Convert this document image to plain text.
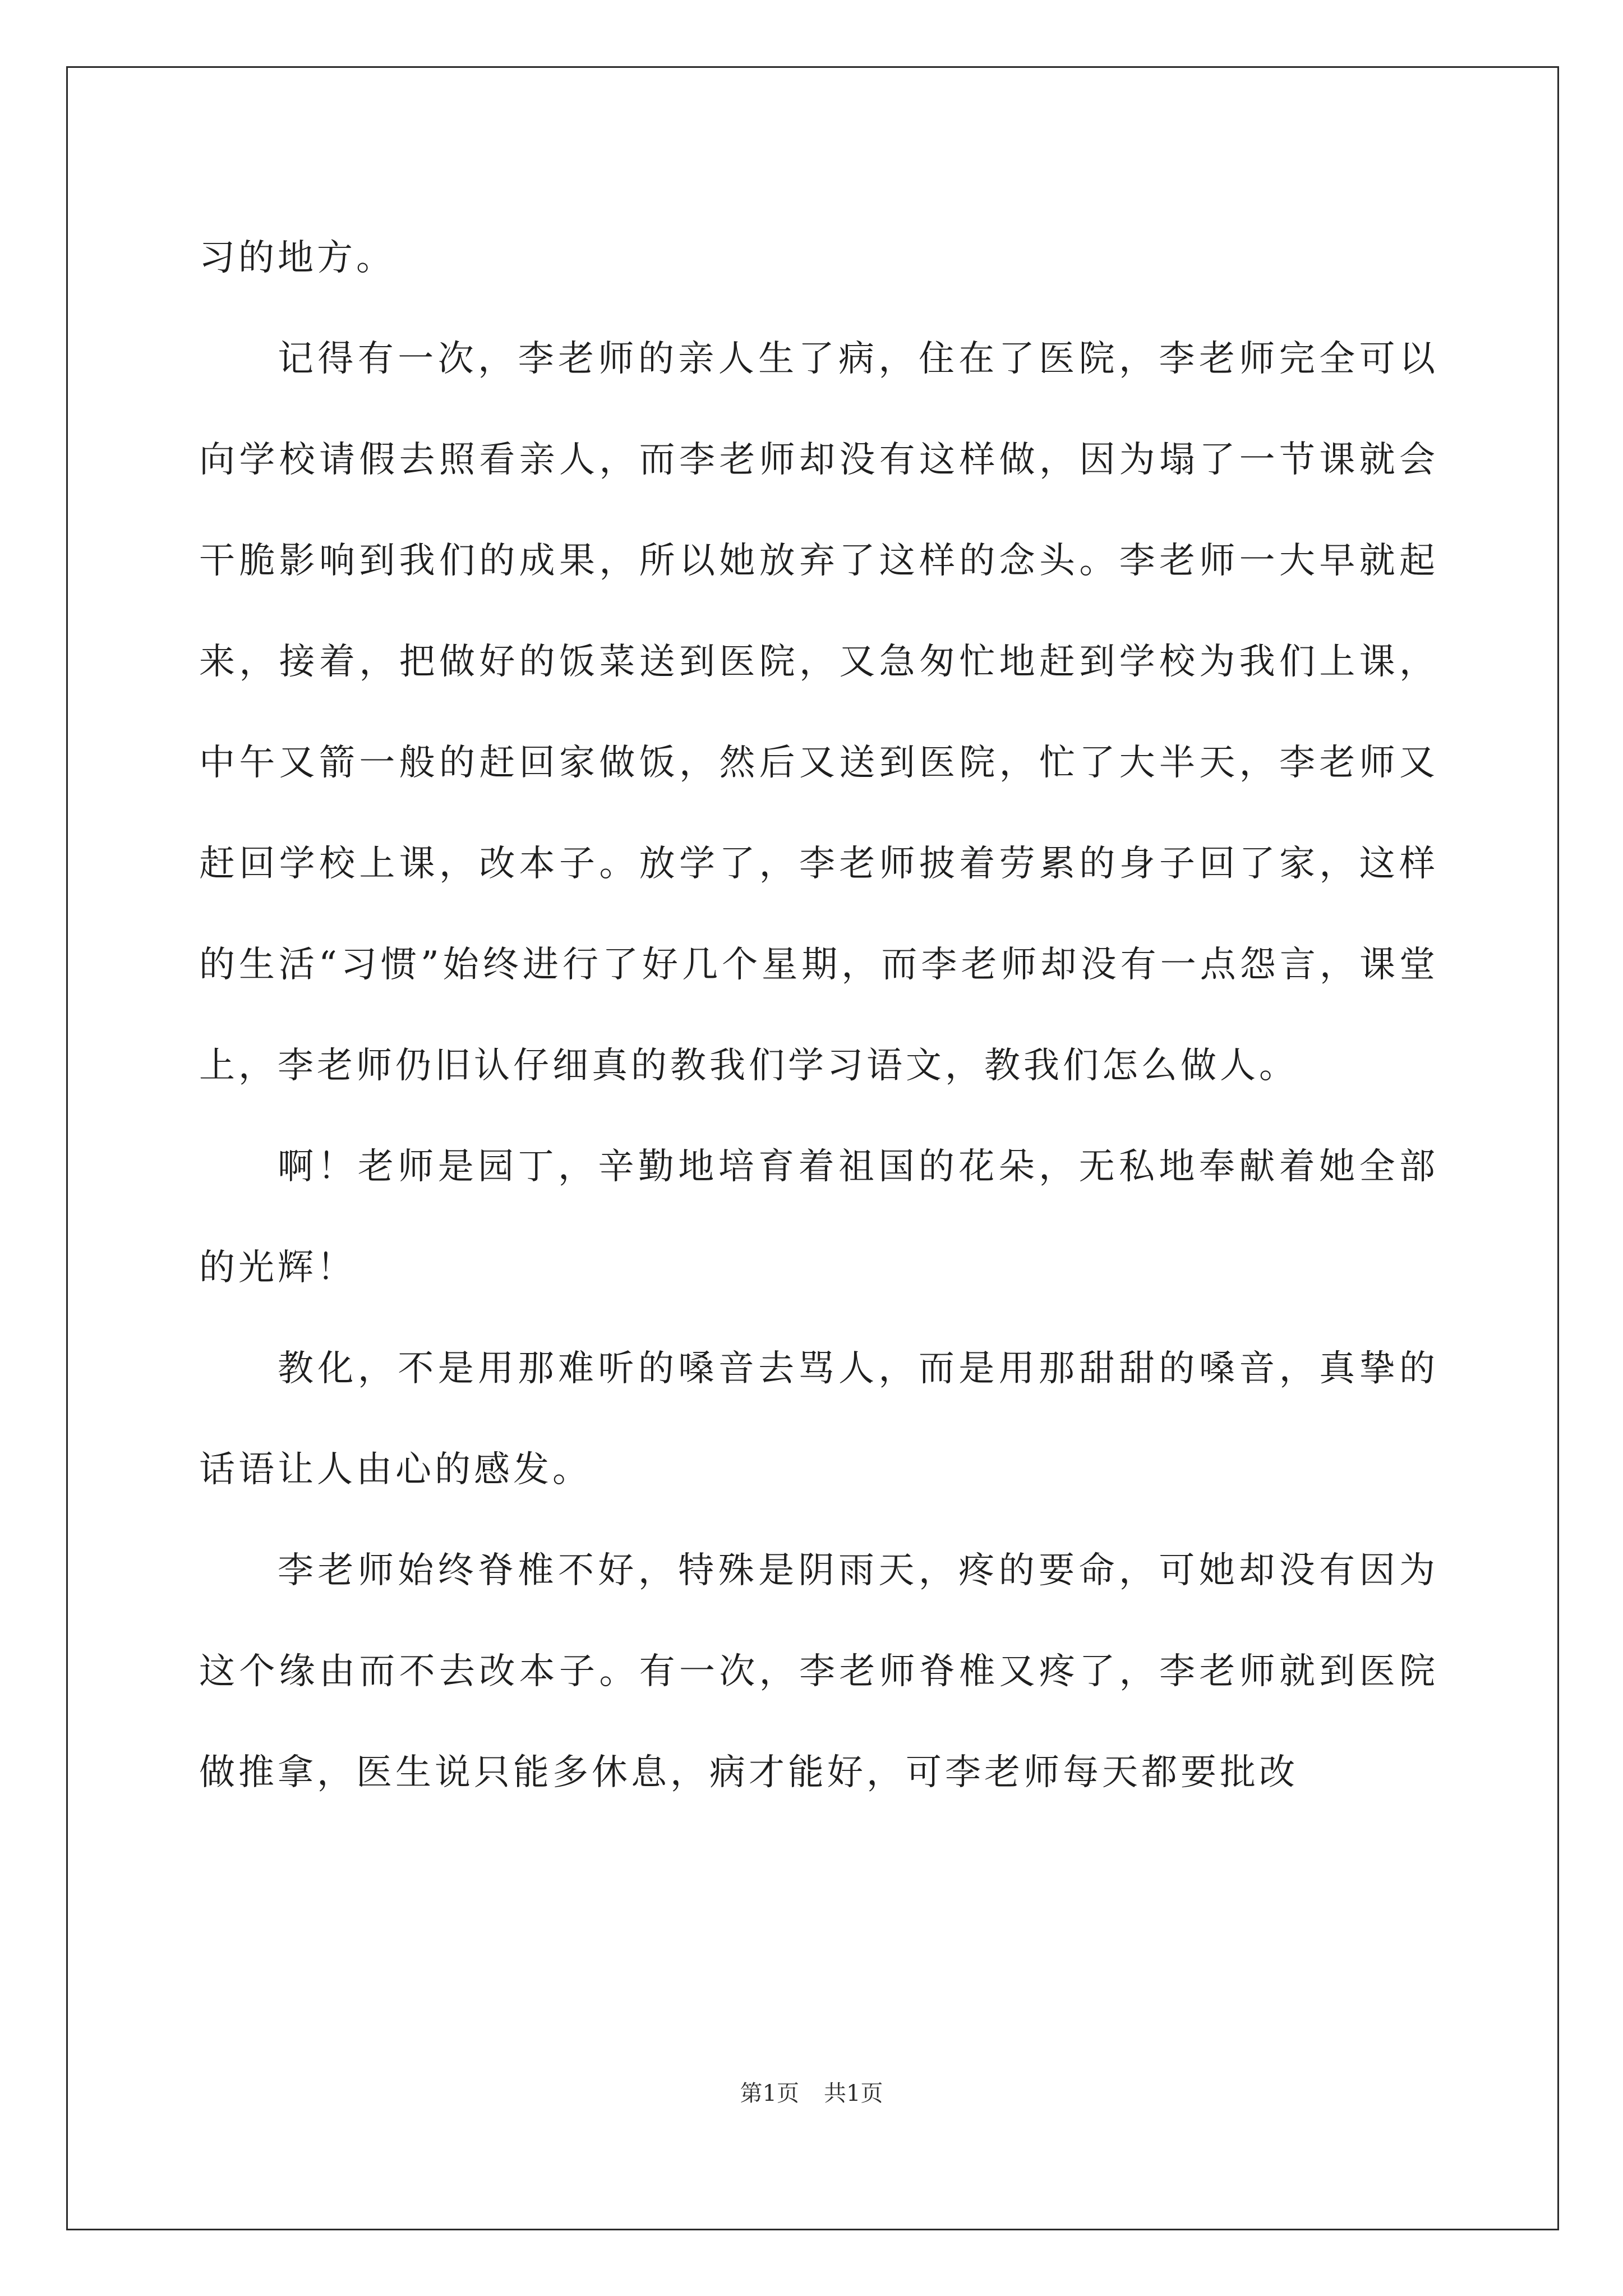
习的地方。

记得有一次，李老师的亲人生了病，住在了医院，李老师完全可以向学校请假去照看亲人，而李老师却没有这样做，因为塌了一节课就会干脆影响到我们的成果，所以她放弃了这样的念头。李老师一大早就起来，接着，把做好的饭菜送到医院，又急匆忙地赶到学校为我们上课，中午又箭一般的赶回家做饭，然后又送到医院，忙了大半天，李老师又赶回学校上课，改本子。放学了，李老师披着劳累的身子回了家，这样的生活“习惯”始终进行了好几个星期，而李老师却没有一点怨言，课堂上，李老师仍旧认仔细真的教我们学习语文，教我们怎么做人。

啊！老师是园丁，辛勤地培育着祖国的花朵，无私地奉献着她全部的光辉！

教化，不是用那难听的嗓音去骂人，而是用那甜甜的嗓音，真挚的话语让人由心的感发。

李老师始终脊椎不好，特殊是阴雨天，疼的要命，可她却没有因为这个缘由而不去改本子。有一次，李老师脊椎又疼了，李老师就到医院做推拿，医生说只能多休息，病才能好，可李老师每天都要批改

第1页 共1页
